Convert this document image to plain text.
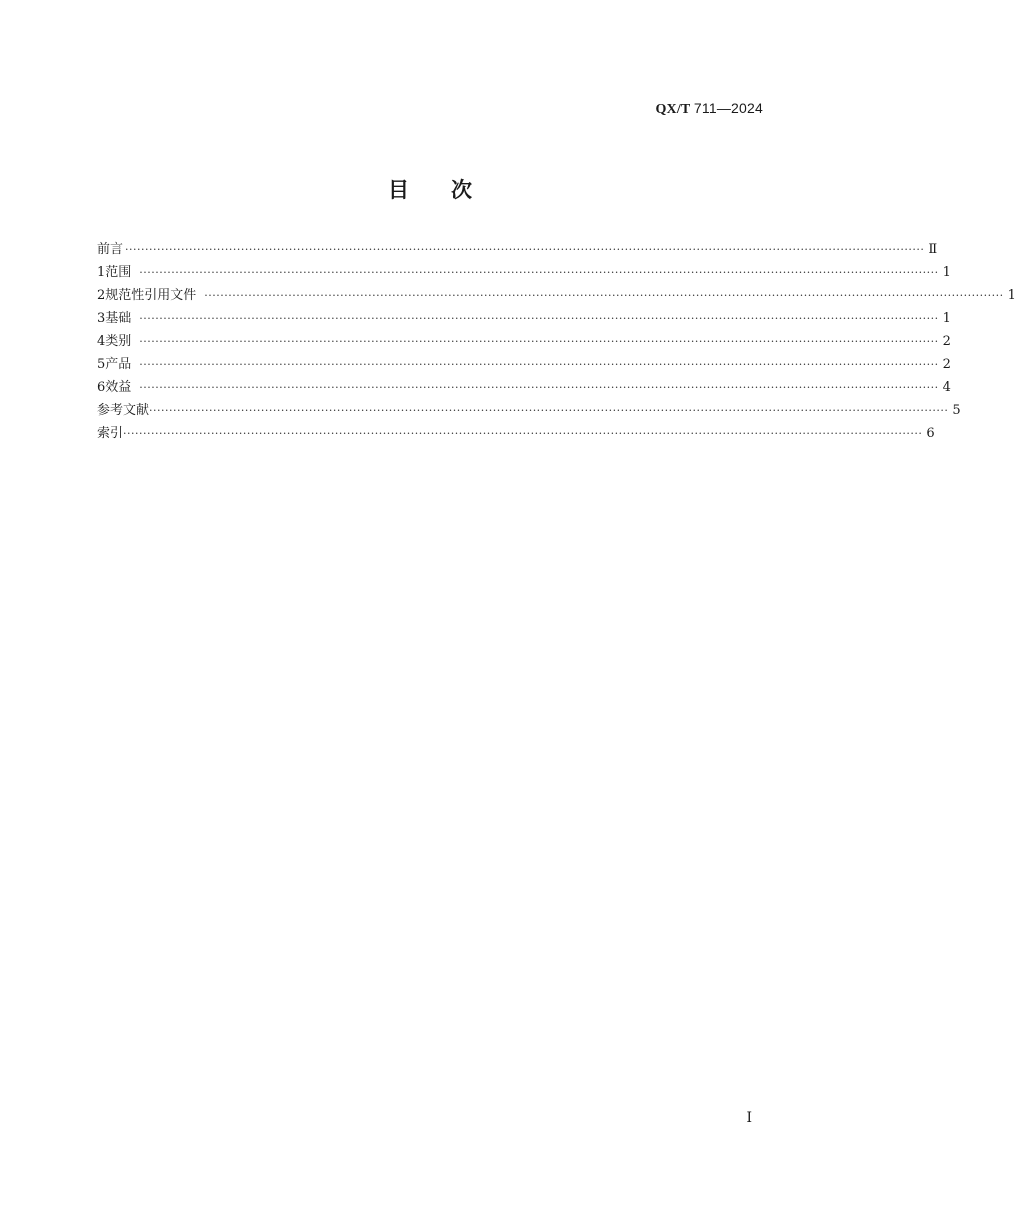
QX/T 711—2024
目 次
前言 ········································································································································································································ Ⅱ
1 范围 ········································································································································································································ 1
2 规范性引用文件 ········································································································································································································ 1
3 基础 ········································································································································································································ 1
4 类别 ········································································································································································································ 2
5 产品 ········································································································································································································ 2
6 效益 ········································································································································································································ 4
参考文献 ········································································································································································································ 5
索引 ········································································································································································································ 6
Ⅰ
